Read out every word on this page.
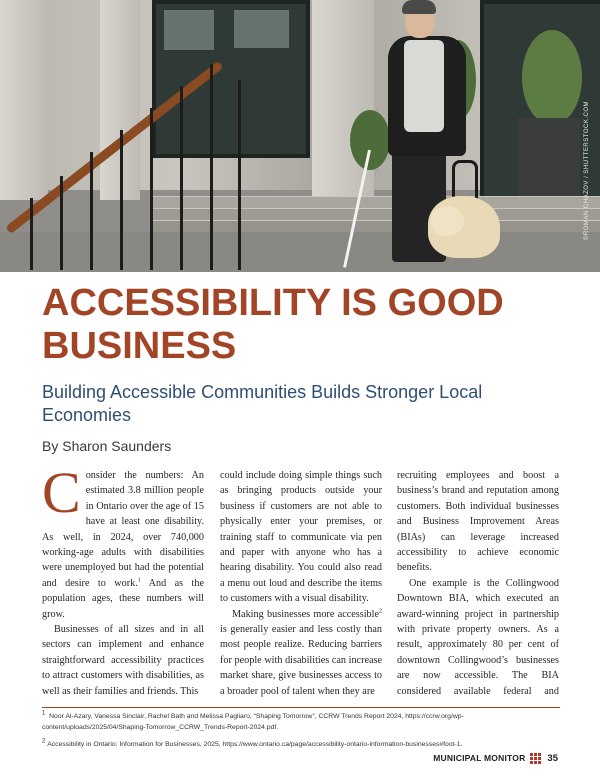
©ROMAN CHAZOV / SHUTTERSTOCK.COM
ACCESSIBILITY IS GOOD BUSINESS
Building Accessible Communities Builds Stronger Local Economies

By Sharon Saunders

Consider the numbers: An estimated 3.8 million people in Ontario over the age of 15 have at least one disability. As well, in 2024, over 740,000 working-age adults with disabilities were unemployed but had the potential and desire to work.$^1$ And as the population ages, these numbers will grow.

Businesses of all sizes and in all sectors can implement and enhance straightforward accessibility practices to attract customers with disabilities, as well as their families and friends. This

could include doing simple things such as bringing products outside your business if customers are not able to physically enter your premises, or training staff to communicate via pen and paper with anyone who has a hearing disability. You could also read a menu out loud and describe the items to customers with a visual disability.

Making businesses more accessible$^2$ is generally easier and less costly than most people realize. Reducing barriers for people with disabilities can increase market share, give businesses access to a broader pool of talent when they are

recruiting employees and boost a business’s brand and reputation among customers. Both individual businesses and Business Improvement Areas (BIAs) can leverage increased accessibility to achieve economic benefits.

One example is the Collingwood Downtown BIA, which executed an award-winning project in partnership with private property owners. As a result, approximately 80 per cent of downtown Collingwood’s businesses are now accessible. The BIA considered available federal and

$^1$ Noor Al-Azary, Vanessa Sinclair, Rachel Bath and Melissa Pagliaro, “Shaping Tomorrow”, CCRW Trends Report 2024, https://ccrw.org/wp-content/uploads/2025/04/Shaping-Tomorrow_CCRW_Trends-Report-2024.pdf.

$^2$ Accessibility in Ontario: Information for Businesses, 2025, https://www.ontario.ca/page/accessibility-ontario-information-businesses#foot-1.

MUNICIPAL MONITOR 35
